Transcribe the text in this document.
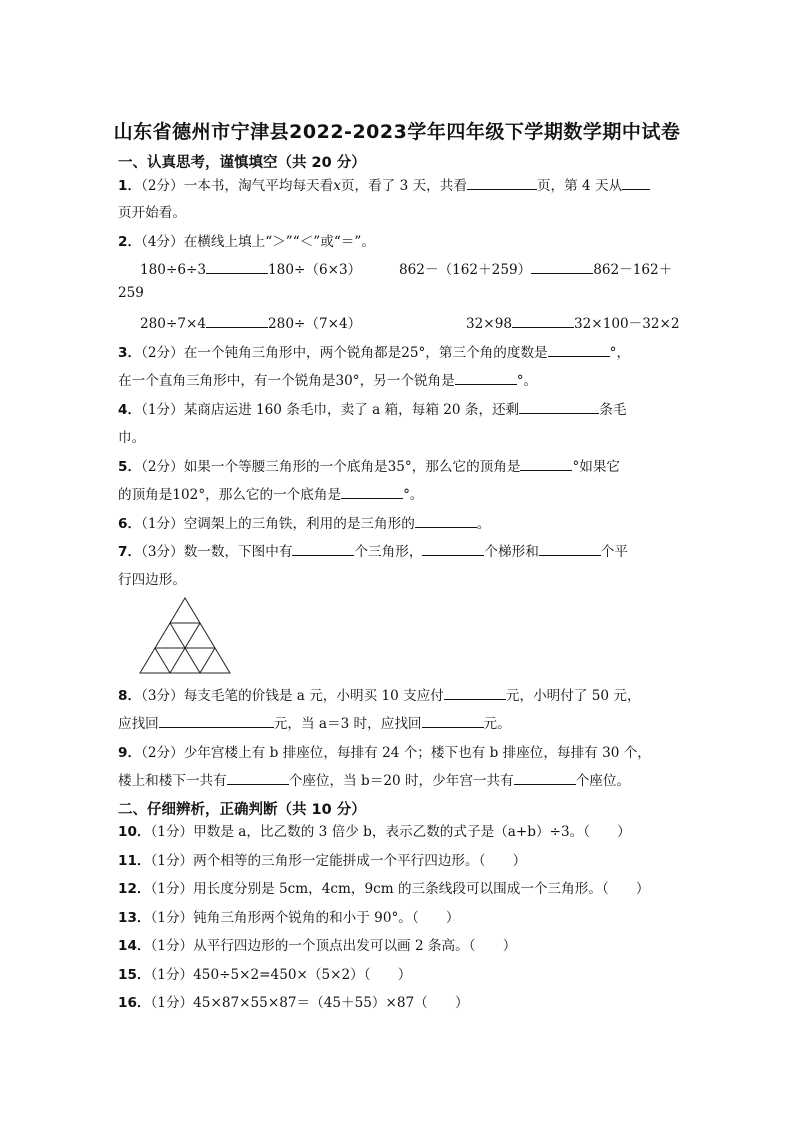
山东省德州市宁津县2022-2023学年四年级下学期数学期中试卷
一、认真思考，谨慎填空（共 20 分）
1．（2分）一本书，淘气平均每天看x页，看了 3 天，共看	页，第 4 天从
页开始看。
2．（4分）在横线上填上“＞”“＜”或“＝”。
180÷6÷3	180÷（6×3）	862－（162＋259）	862－162＋
259
280÷7×4	280÷（7×4）	32×98	32×100－32×2
3．（2分）在一个钝角三角形中，两个锐角都是25°，第三个角的度数是	°，
在一个直角三角形中，有一个锐角是30°，另一个锐角是	°。
4．（1分）某商店运进 160 条毛巾，卖了 a 箱，每箱 20 条，还剩	条毛
巾。
5．（2分）如果一个等腰三角形的一个底角是35°，那么它的顶角是	°如果它
的顶角是102°，那么它的一个底角是	°。
6．（1分）空调架上的三角铁，利用的是三角形的	。
7．（3分）数一数，下图中有	个三角形，	个梯形和	个平
行四边形。
8．（3分）每支毛笔的价钱是 a 元，小明买 10 支应付	元，小明付了 50 元，
应找回	元，当 a＝3 时，应找回	元。
9．（2分）少年宫楼上有 b 排座位，每排有 24 个；楼下也有 b 排座位，每排有 30 个，
楼上和楼下一共有	个座位，当 b＝20 时，少年宫一共有	个座位。
二、仔细辨析，正确判断（共 10 分）
10．（1分）甲数是 a，比乙数的 3 倍少 b，表示乙数的式子是（a+b）÷3。（　　）
11．（1分）两个相等的三角形一定能拼成一个平行四边形。（　　）
12．（1分）用长度分别是 5cm，4cm，9cm 的三条线段可以围成一个三角形。（　　）
13．（1分）钝角三角形两个锐角的和小于 90°。（　　）
14．（1分）从平行四边形的一个顶点出发可以画 2 条高。（　　）
15．（1分）450÷5×2=450×（5×2）（　　）
16．（1分）45×87×55×87＝（45＋55）×87（　　）
